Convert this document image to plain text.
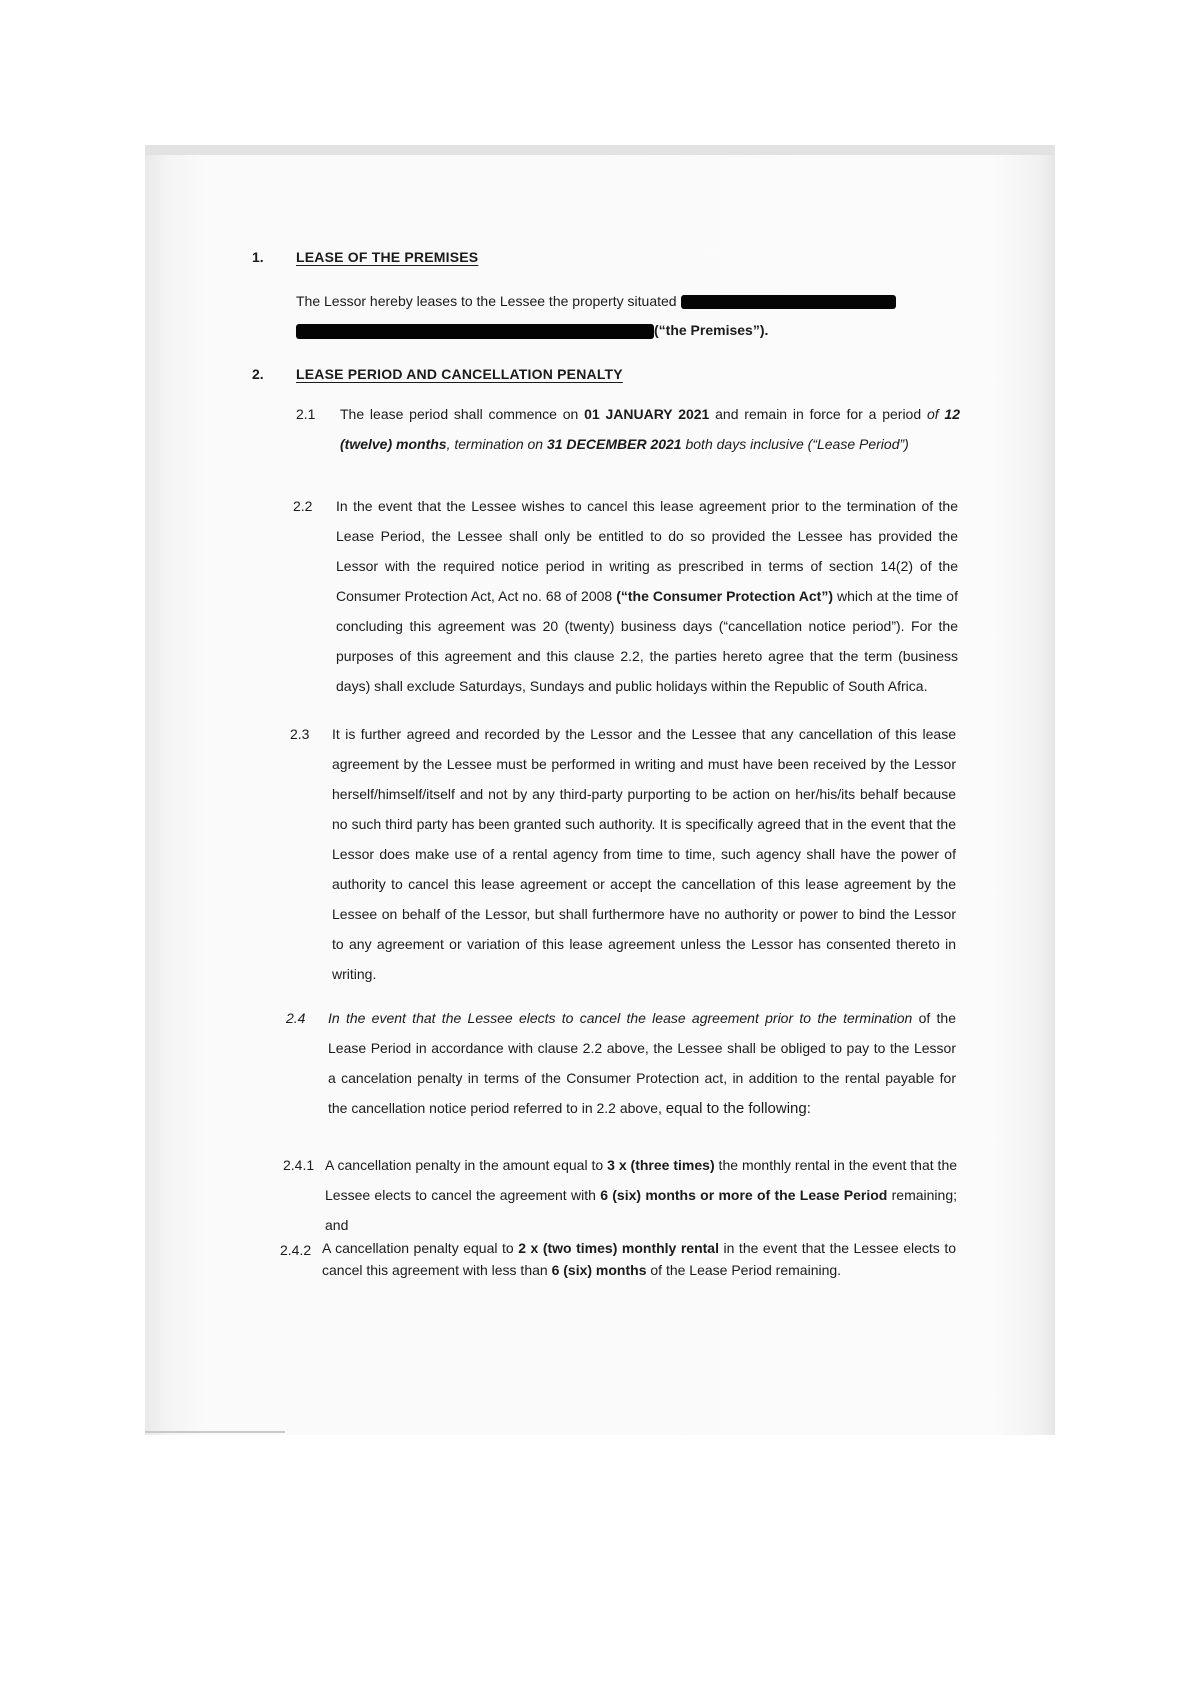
1. LEASE OF THE PREMISES
The Lessor hereby leases to the Lessee the property situated
(“the Premises”).
2. LEASE PERIOD AND CANCELLATION PENALTY
2.1 The lease period shall commence on 01 JANUARY 2021 and remain in force for a period of 12 (twelve) months, termination on 31 DECEMBER 2021 both days inclusive (“Lease Period”)
2.2 In the event that the Lessee wishes to cancel this lease agreement prior to the termination of the Lease Period, the Lessee shall only be entitled to do so provided the Lessee has provided the Lessor with the required notice period in writing as prescribed in terms of section 14(2) of the Consumer Protection Act, Act no. 68 of 2008 (“the Consumer Protection Act”) which at the time of concluding this agreement was 20 (twenty) business days (“cancellation notice period”). For the purposes of this agreement and this clause 2.2, the parties hereto agree that the term (business days) shall exclude Saturdays, Sundays and public holidays within the Republic of South Africa.
2.3 It is further agreed and recorded by the Lessor and the Lessee that any cancellation of this lease agreement by the Lessee must be performed in writing and must have been received by the Lessor herself/himself/itself and not by any third-party purporting to be action on her/his/its behalf because no such third party has been granted such authority. It is specifically agreed that in the event that the Lessor does make use of a rental agency from time to time, such agency shall have the power of authority to cancel this lease agreement or accept the cancellation of this lease agreement by the Lessee on behalf of the Lessor, but shall furthermore have no authority or power to bind the Lessor to any agreement or variation of this lease agreement unless the Lessor has consented thereto in writing.
2.4 In the event that the Lessee elects to cancel the lease agreement prior to the termination of the Lease Period in accordance with clause 2.2 above, the Lessee shall be obliged to pay to the Lessor a cancelation penalty in terms of the Consumer Protection act, in addition to the rental payable for the cancellation notice period referred to in 2.2 above, equal to the following:
2.4.1 A cancellation penalty in the amount equal to 3 x (three times) the monthly rental in the event that the Lessee elects to cancel the agreement with 6 (six) months or more of the Lease Period remaining; and
2.4.2 A cancellation penalty equal to 2 x (two times) monthly rental in the event that the Lessee elects to cancel this agreement with less than 6 (six) months of the Lease Period remaining.
